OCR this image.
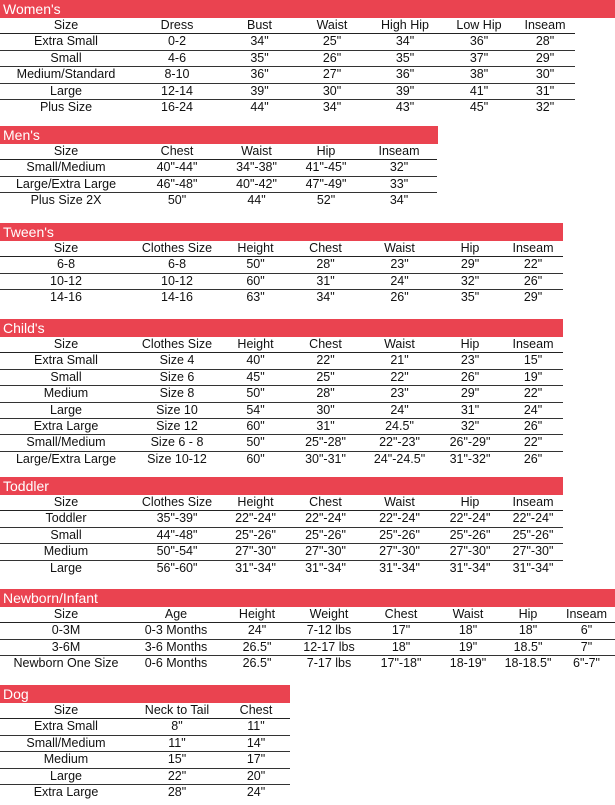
Women's
Size	Dress	Bust	Waist	High Hip	Low Hip	Inseam
Extra Small	0-2	34"	25"	34"	36"	28"
Small	4-6	35"	26"	35"	37"	29"
Medium/Standard	8-10	36"	27"	36"	38"	30"
Large	12-14	39"	30"	39"	41"	31"
Plus Size	16-24	44"	34"	43"	45"	32"
Men's
Size	Chest	Waist	Hip	Inseam
Small/Medium	40"-44"	34"-38"	41"-45"	32"
Large/Extra Large	46"-48"	40"-42"	47"-49"	33"
Plus Size 2X	50"	44"	52"	34"
Tween's
Size	Clothes Size	Height	Chest	Waist	Hip	Inseam
6-8	6-8	50"	28"	23"	29"	22"
10-12	10-12	60"	31"	24"	32"	26"
14-16	14-16	63"	34"	26"	35"	29"
Child's
Size	Clothes Size	Height	Chest	Waist	Hip	Inseam
Extra Small	Size 4	40"	22"	21"	23"	15"
Small	Size 6	45"	25"	22"	26"	19"
Medium	Size 8	50"	28"	23"	29"	22"
Large	Size 10	54"	30"	24"	31"	24"
Extra Large	Size 12	60"	31"	24.5"	32"	26"
Small/Medium	Size 6 - 8	50"	25"-28"	22"-23"	26"-29"	22"
Large/Extra Large	Size 10-12	60"	30"-31"	24"-24.5"	31"-32"	26"
Toddler
Size	Clothes Size	Height	Chest	Waist	Hip	Inseam
Toddler	35"-39"	22"-24"	22"-24"	22"-24"	22"-24"	22"-24"
Small	44"-48"	25"-26"	25"-26"	25"-26"	25"-26"	25"-26"
Medium	50"-54"	27"-30"	27"-30"	27"-30"	27"-30"	27"-30"
Large	56"-60"	31"-34"	31"-34"	31"-34"	31"-34"	31"-34"
Newborn/Infant
Size	Age	Height	Weight	Chest	Waist	Hip	Inseam
0-3M	0-3 Months	24"	7-12 lbs	17"	18"	18"	6"
3-6M	3-6 Months	26.5"	12-17 lbs	18"	19"	18.5"	7"
Newborn One Size	0-6 Months	26.5"	7-17 lbs	17"-18"	18-19"	18-18.5"	6"-7"
Dog
Size	Neck to Tail	Chest
Extra Small	8"	11"
Small/Medium	11"	14"
Medium	15"	17"
Large	22"	20"
Extra Large	28"	24"
